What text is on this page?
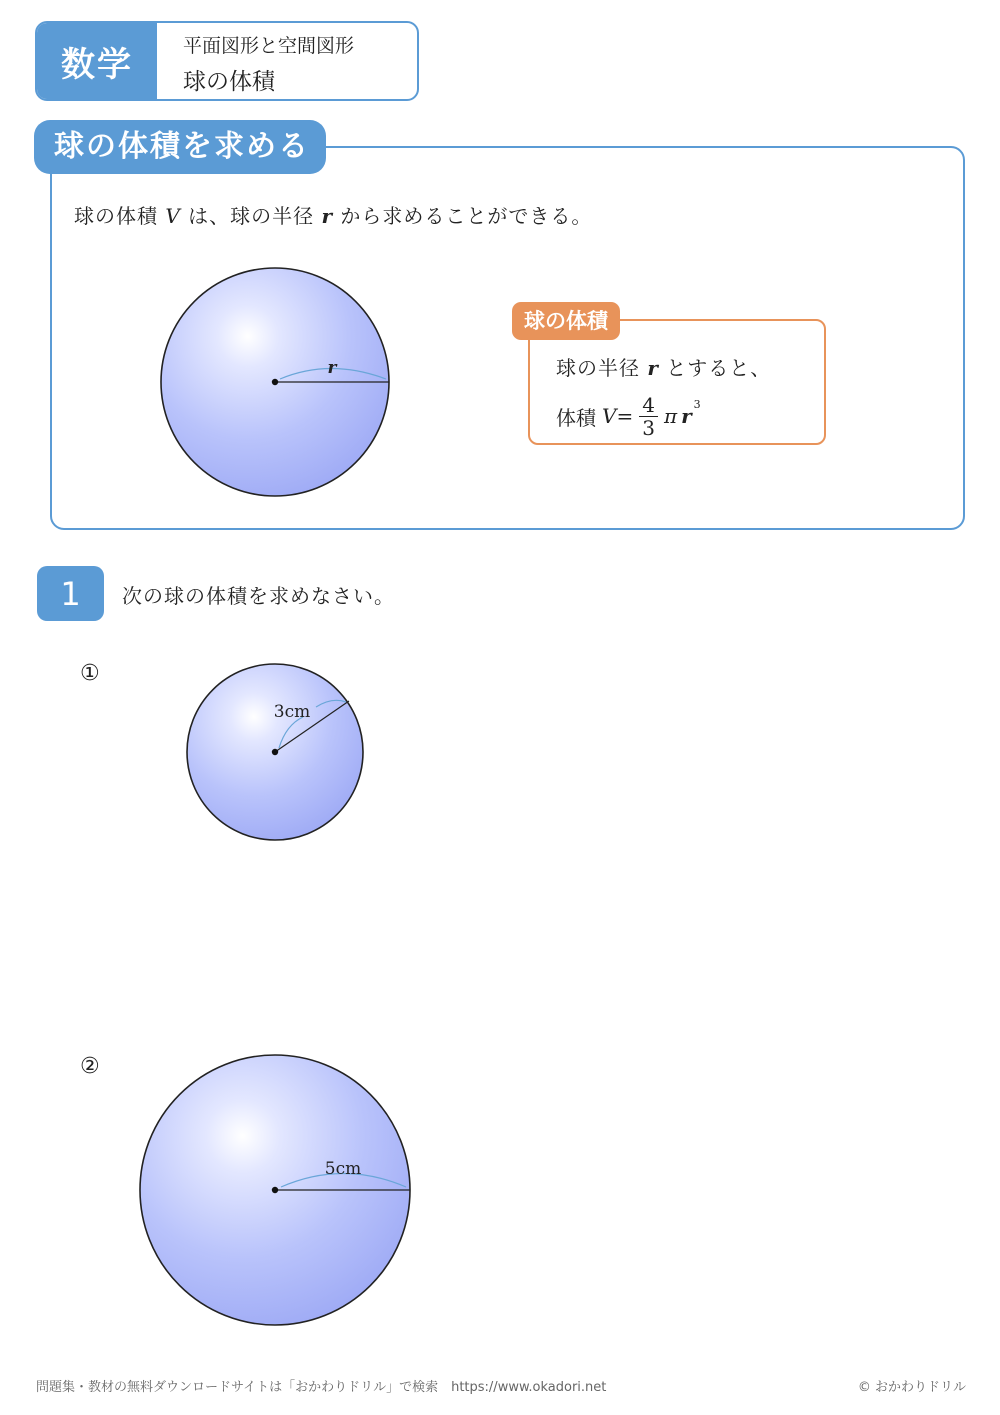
数学	平面図形と空間図形
球の体積
球の体積を求める
球の体積 V は、球の半径 r から求めることができる。
球の体積
球の半径 r とすると、
体積 $V = \frac{4}{3}$ π $r^3$
1	次の球の体積を求めなさい。
①
②
r
3cm
5cm
問題集・教材の無料ダウンロードサイトは「おかわりドリル」で検索　https://www.okadori.net	© おかわりドリル
